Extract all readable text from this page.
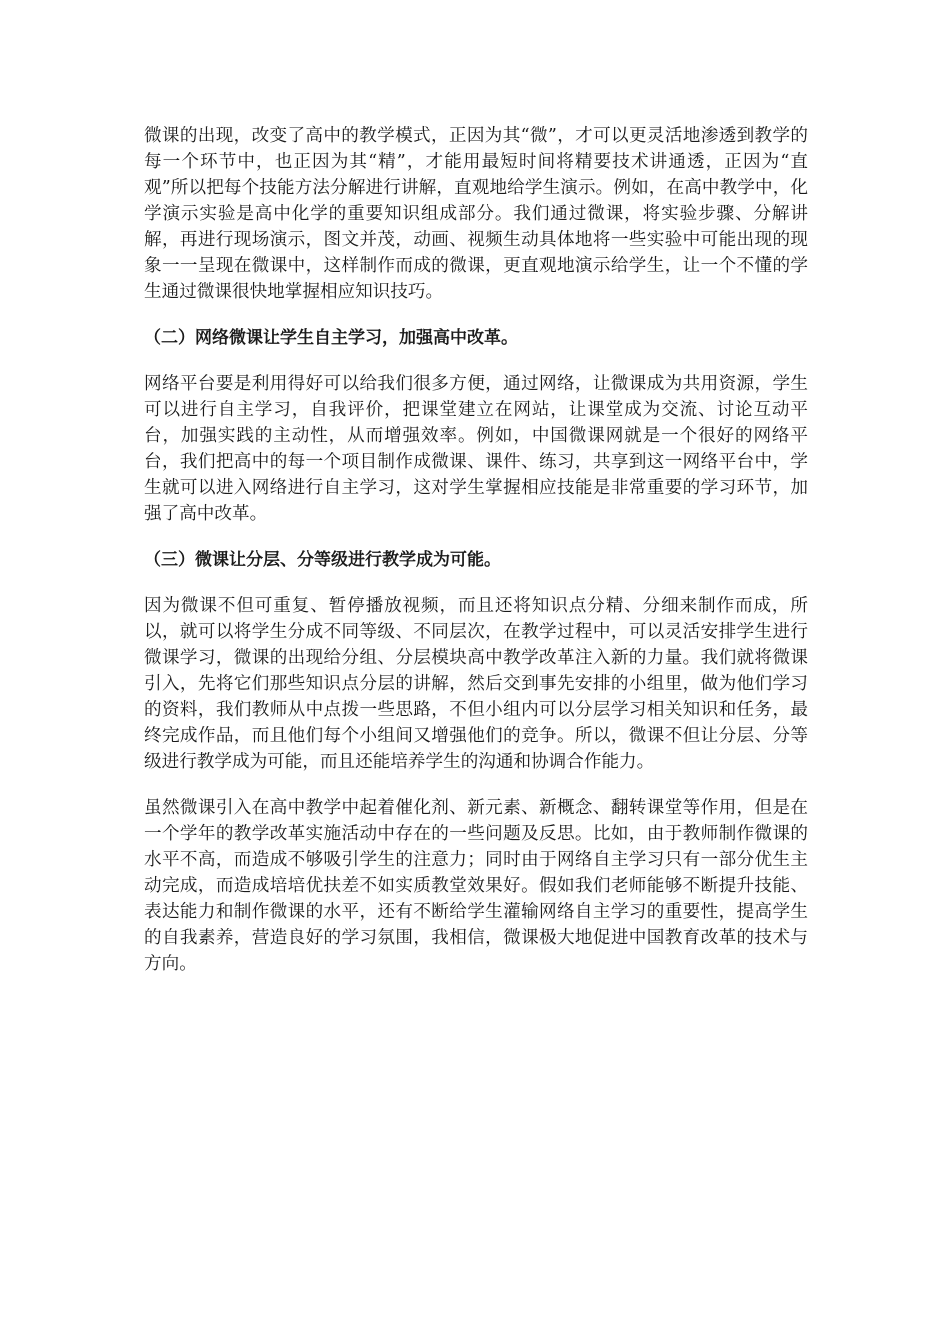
微课的出现，改变了高中的教学模式，正因为其“微”，才可以更灵活地渗透到教学的每一个环节中，也正因为其“精”，才能用最短时间将精要技术讲通透，正因为“直观”所以把每个技能方法分解进行讲解，直观地给学生演示。例如，在高中教学中，化学演示实验是高中化学的重要知识组成部分。我们通过微课，将实验步骤、分解讲解，再进行现场演示，图文并茂，动画、视频生动具体地将一些实验中可能出现的现象一一呈现在微课中，这样制作而成的微课，更直观地演示给学生，让一个不懂的学生通过微课很快地掌握相应知识技巧。

（二）网络微课让学生自主学习，加强高中改革。

网络平台要是利用得好可以给我们很多方便，通过网络，让微课成为共用资源，学生可以进行自主学习，自我评价，把课堂建立在网站，让课堂成为交流、讨论互动平台，加强实践的主动性，从而增强效率。例如，中国微课网就是一个很好的网络平台，我们把高中的每一个项目制作成微课、课件、练习，共享到这一网络平台中，学生就可以进入网络进行自主学习，这对学生掌握相应技能是非常重要的学习环节，加强了高中改革。

（三）微课让分层、分等级进行教学成为可能。

因为微课不但可重复、暂停播放视频，而且还将知识点分精、分细来制作而成，所以，就可以将学生分成不同等级、不同层次，在教学过程中，可以灵活安排学生进行微课学习，微课的出现给分组、分层模块高中教学改革注入新的力量。我们就将微课引入，先将它们那些知识点分层的讲解，然后交到事先安排的小组里，做为他们学习的资料，我们教师从中点拨一些思路，不但小组内可以分层学习相关知识和任务，最终完成作品，而且他们每个小组间又增强他们的竞争。所以，微课不但让分层、分等级进行教学成为可能，而且还能培养学生的沟通和协调合作能力。

虽然微课引入在高中教学中起着催化剂、新元素、新概念、翻转课堂等作用，但是在一个学年的教学改革实施活动中存在的一些问题及反思。比如，由于教师制作微课的水平不高，而造成不够吸引学生的注意力；同时由于网络自主学习只有一部分优生主动完成，而造成培培优扶差不如实质教堂效果好。假如我们老师能够不断提升技能、表达能力和制作微课的水平，还有不断给学生灌输网络自主学习的重要性，提高学生的自我素养，营造良好的学习氛围，我相信，微课极大地促进中国教育改革的技术与方向。
